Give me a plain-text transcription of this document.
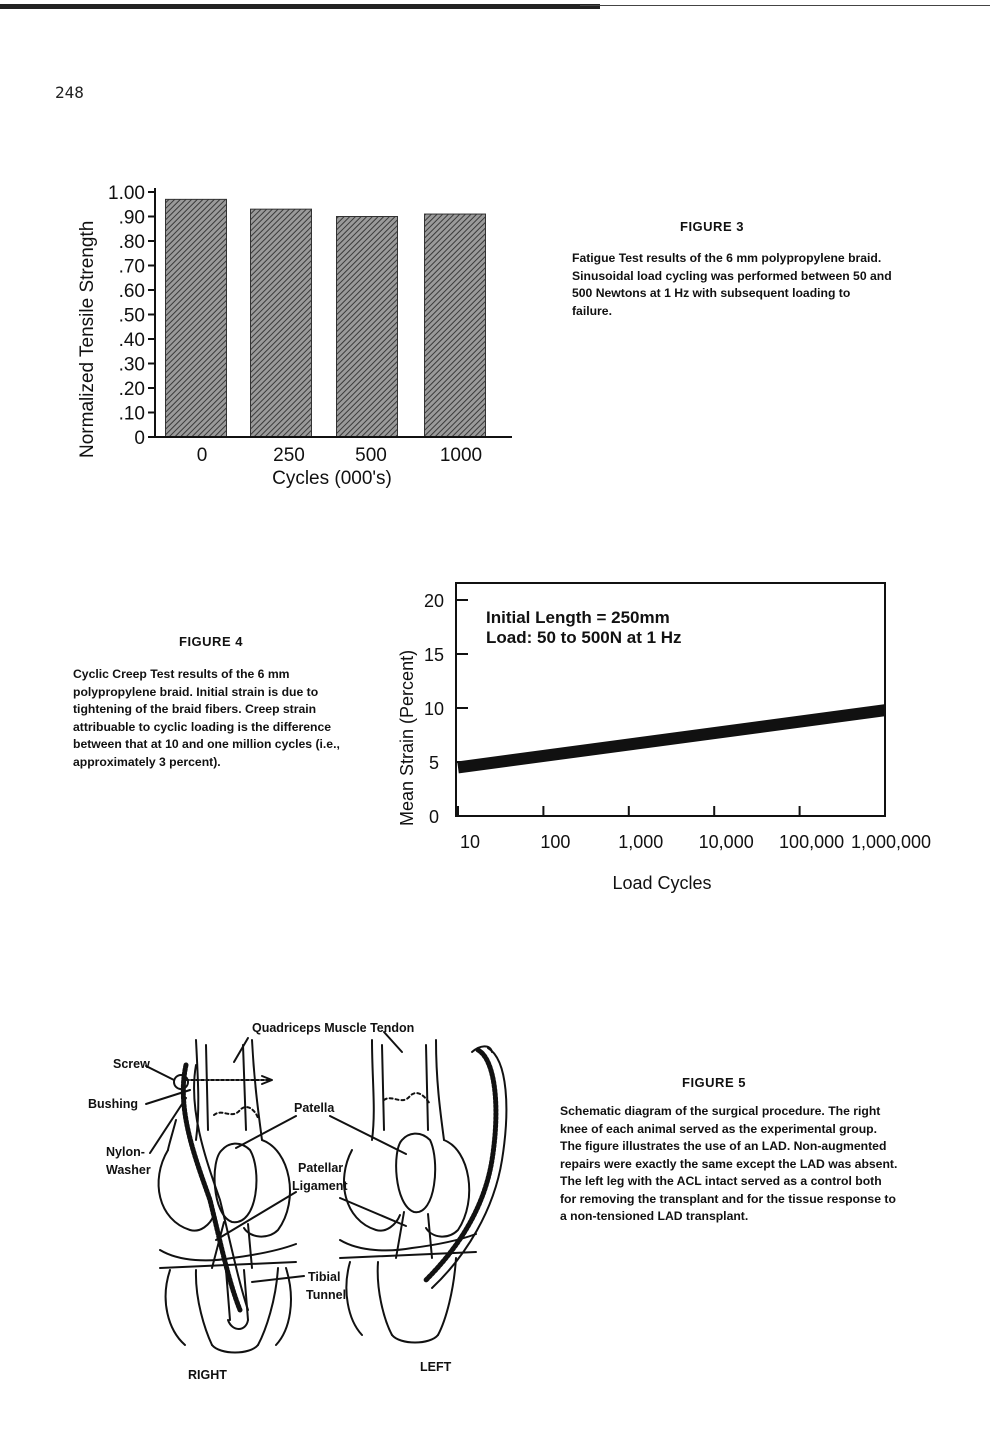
248
0
.10
.20
.30
.40
.50
.60
.70
.80
.90
1.00
0	250	500	1000
Normalized Tensile Strength
Cycles (000's)
FIGURE 3
Fatigue Test results of the 6 mm polypropylene braid. Sinusoidal load cycling was performed between 50 and 500 Newtons at 1 Hz with subsequent loading to failure.
0
5
10
15
20
10	100	1,000 10,000 100,000 1,000,000
Initial Length = 250mm
Load: 50 to 500N at 1 Hz
Mean Strain (Percent)
Load Cycles
FIGURE 4
Cyclic Creep Test results of the 6 mm polypropylene braid. Initial strain is due to tightening of the braid fibers. Creep strain attribuable to cyclic loading is the difference between that at 10 and one million cycles (i.e., approximately 3 percent).
Quadriceps Muscle Tendon
Screw
Bushing
Nylon-
Washer
Patella
Patellar
Ligament
Tibial
Tunnel
RIGHT
LEFT
FIGURE 5
Schematic diagram of the surgical procedure. The right knee of each animal served as the experimental group. The figure illustrates the use of an LAD. Non-augmented repairs were exactly the same except the LAD was absent. The left leg with the ACL intact served as a control both for removing the transplant and for the tissue response to a non-tensioned LAD transplant.
